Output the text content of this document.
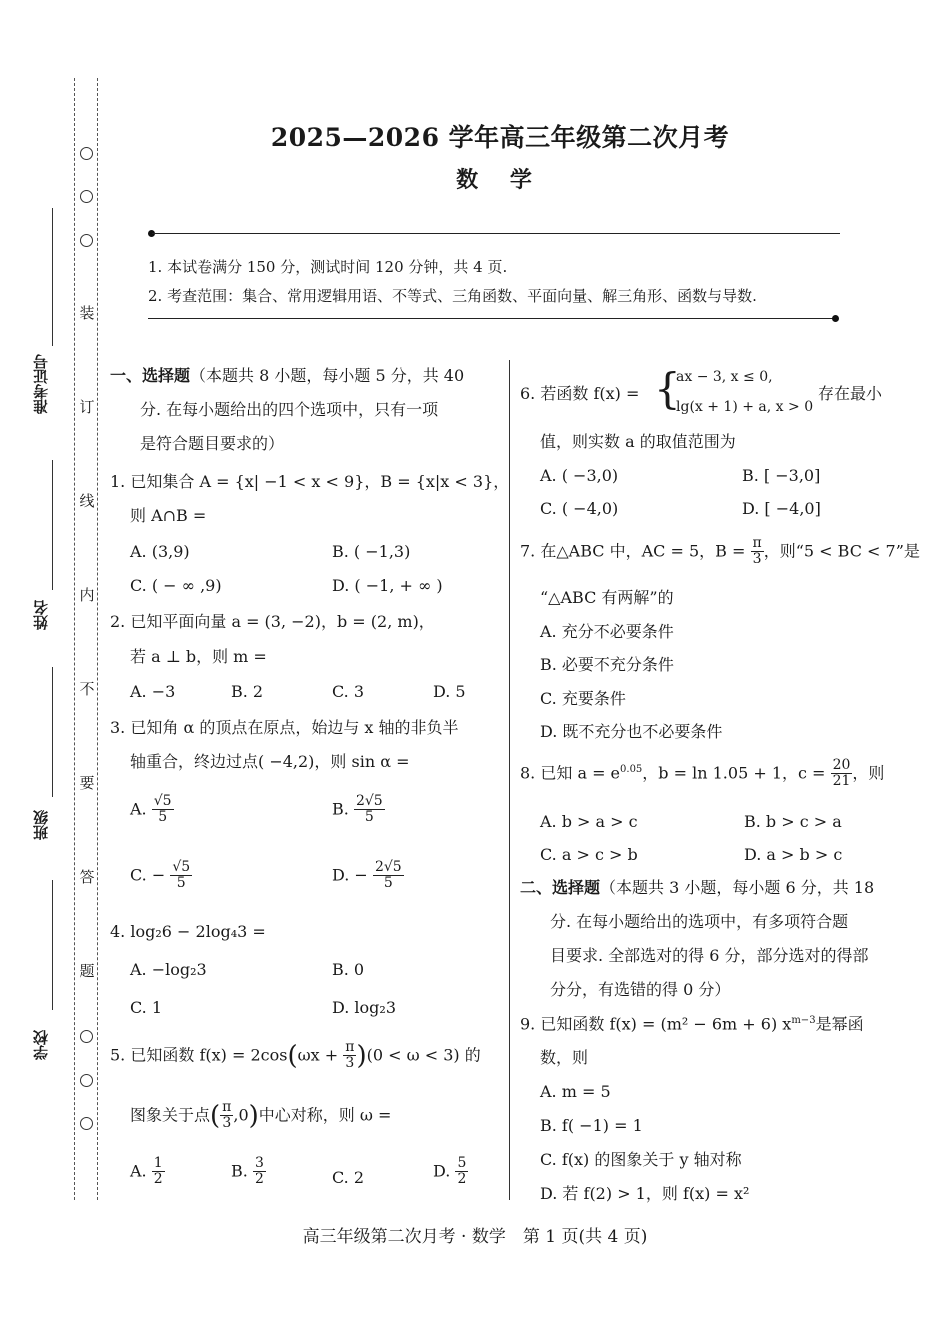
装
订
线
内
不
要
答
题
准考证号
姓名
班级
学校
2025—2026 学年高三年级第二次月考
数 学
1. 本试卷满分 150 分，测试时间 120 分钟，共 4 页.
2. 考查范围：集合、常用逻辑用语、不等式、三角函数、平面向量、解三角形、函数与导数.
一、选择题（本题共 8 小题，每小题 5 分，共 40
分. 在每小题给出的四个选项中，只有一项
是符合题目要求的）
1. 已知集合 A = {x| −1 < x < 9}，B = {x|x < 3}，
则 A∩B =
A. (3,9)	B. ( −1,3)
C. ( − ∞ ,9)	D. ( −1, + ∞ )
2. 已知平面向量 a = (3, −2)，b = (2, m)，
若 a ⊥ b，则 m =
A. −3	B. 2	C. 3	D. 5
3. 已知角 α 的顶点在原点，始边与 x 轴的非负半
轴重合，终边过点( −4,2)，则 sin α =
A. $\frac{√5}{5}$	B. $\frac{2√5}{5}$
C. − $\frac{√5}{5}$	D. − $\frac{2√5}{5}$
4. log₂6 − 2log₄3 =
A. −log₂3	B. 0
C. 1	D. log₂3
5. 已知函数 $f(x) = 2\cos(\omega x + \frac{\pi}{3} )(0 < \omega < 3)$ 的
图象关于点( $\frac{\pi}{3} ,0$)中心对称，则 ω =
A. $\frac{1}{2}$	B. $\frac{3}{2}$	C. 2	D. $\frac{5}{2}$
6. 若函数 f(x) = {
ax − 3, x ≤ 0,
lg(x + 1) + a, x > 0
存在最小
值，则实数 a 的取值范围为
A. ( −3,0)	B. [ −3,0]
C. ( −4,0)	D. [ −4,0]
7. 在△ABC 中，AC = 5，$B = \frac{\pi}{3}$ ，则“5 < BC < 7”是
“△ABC 有两解”的
A. 充分不必要条件
B. 必要不充分条件
C. 充要条件
D. 既不充分也不必要条件
8. 已知 $a = e^{0.05}$，b = ln 1.05 + 1，$c = \frac{20}{21}$ ，则
A. b > a > c	B. b > c > a
C. a > c > b	D. a > b > c
二、选择题（本题共 3 小题，每小题 6 分，共 18
分. 在每小题给出的选项中，有多项符合题
目要求. 全部选对的得 6 分，部分选对的得部
分分，有选错的得 0 分）
9. 已知函数 f(x) = (m² − 6m + 6) $x^{m-3}$是幂函
数，则
A. m = 5
B. f( −1) = 1
C. f(x) 的图象关于 y 轴对称
D. 若 f(2) > 1，则 f(x) = x²
高三年级第二次月考 · 数学　第 1 页(共 4 页)
